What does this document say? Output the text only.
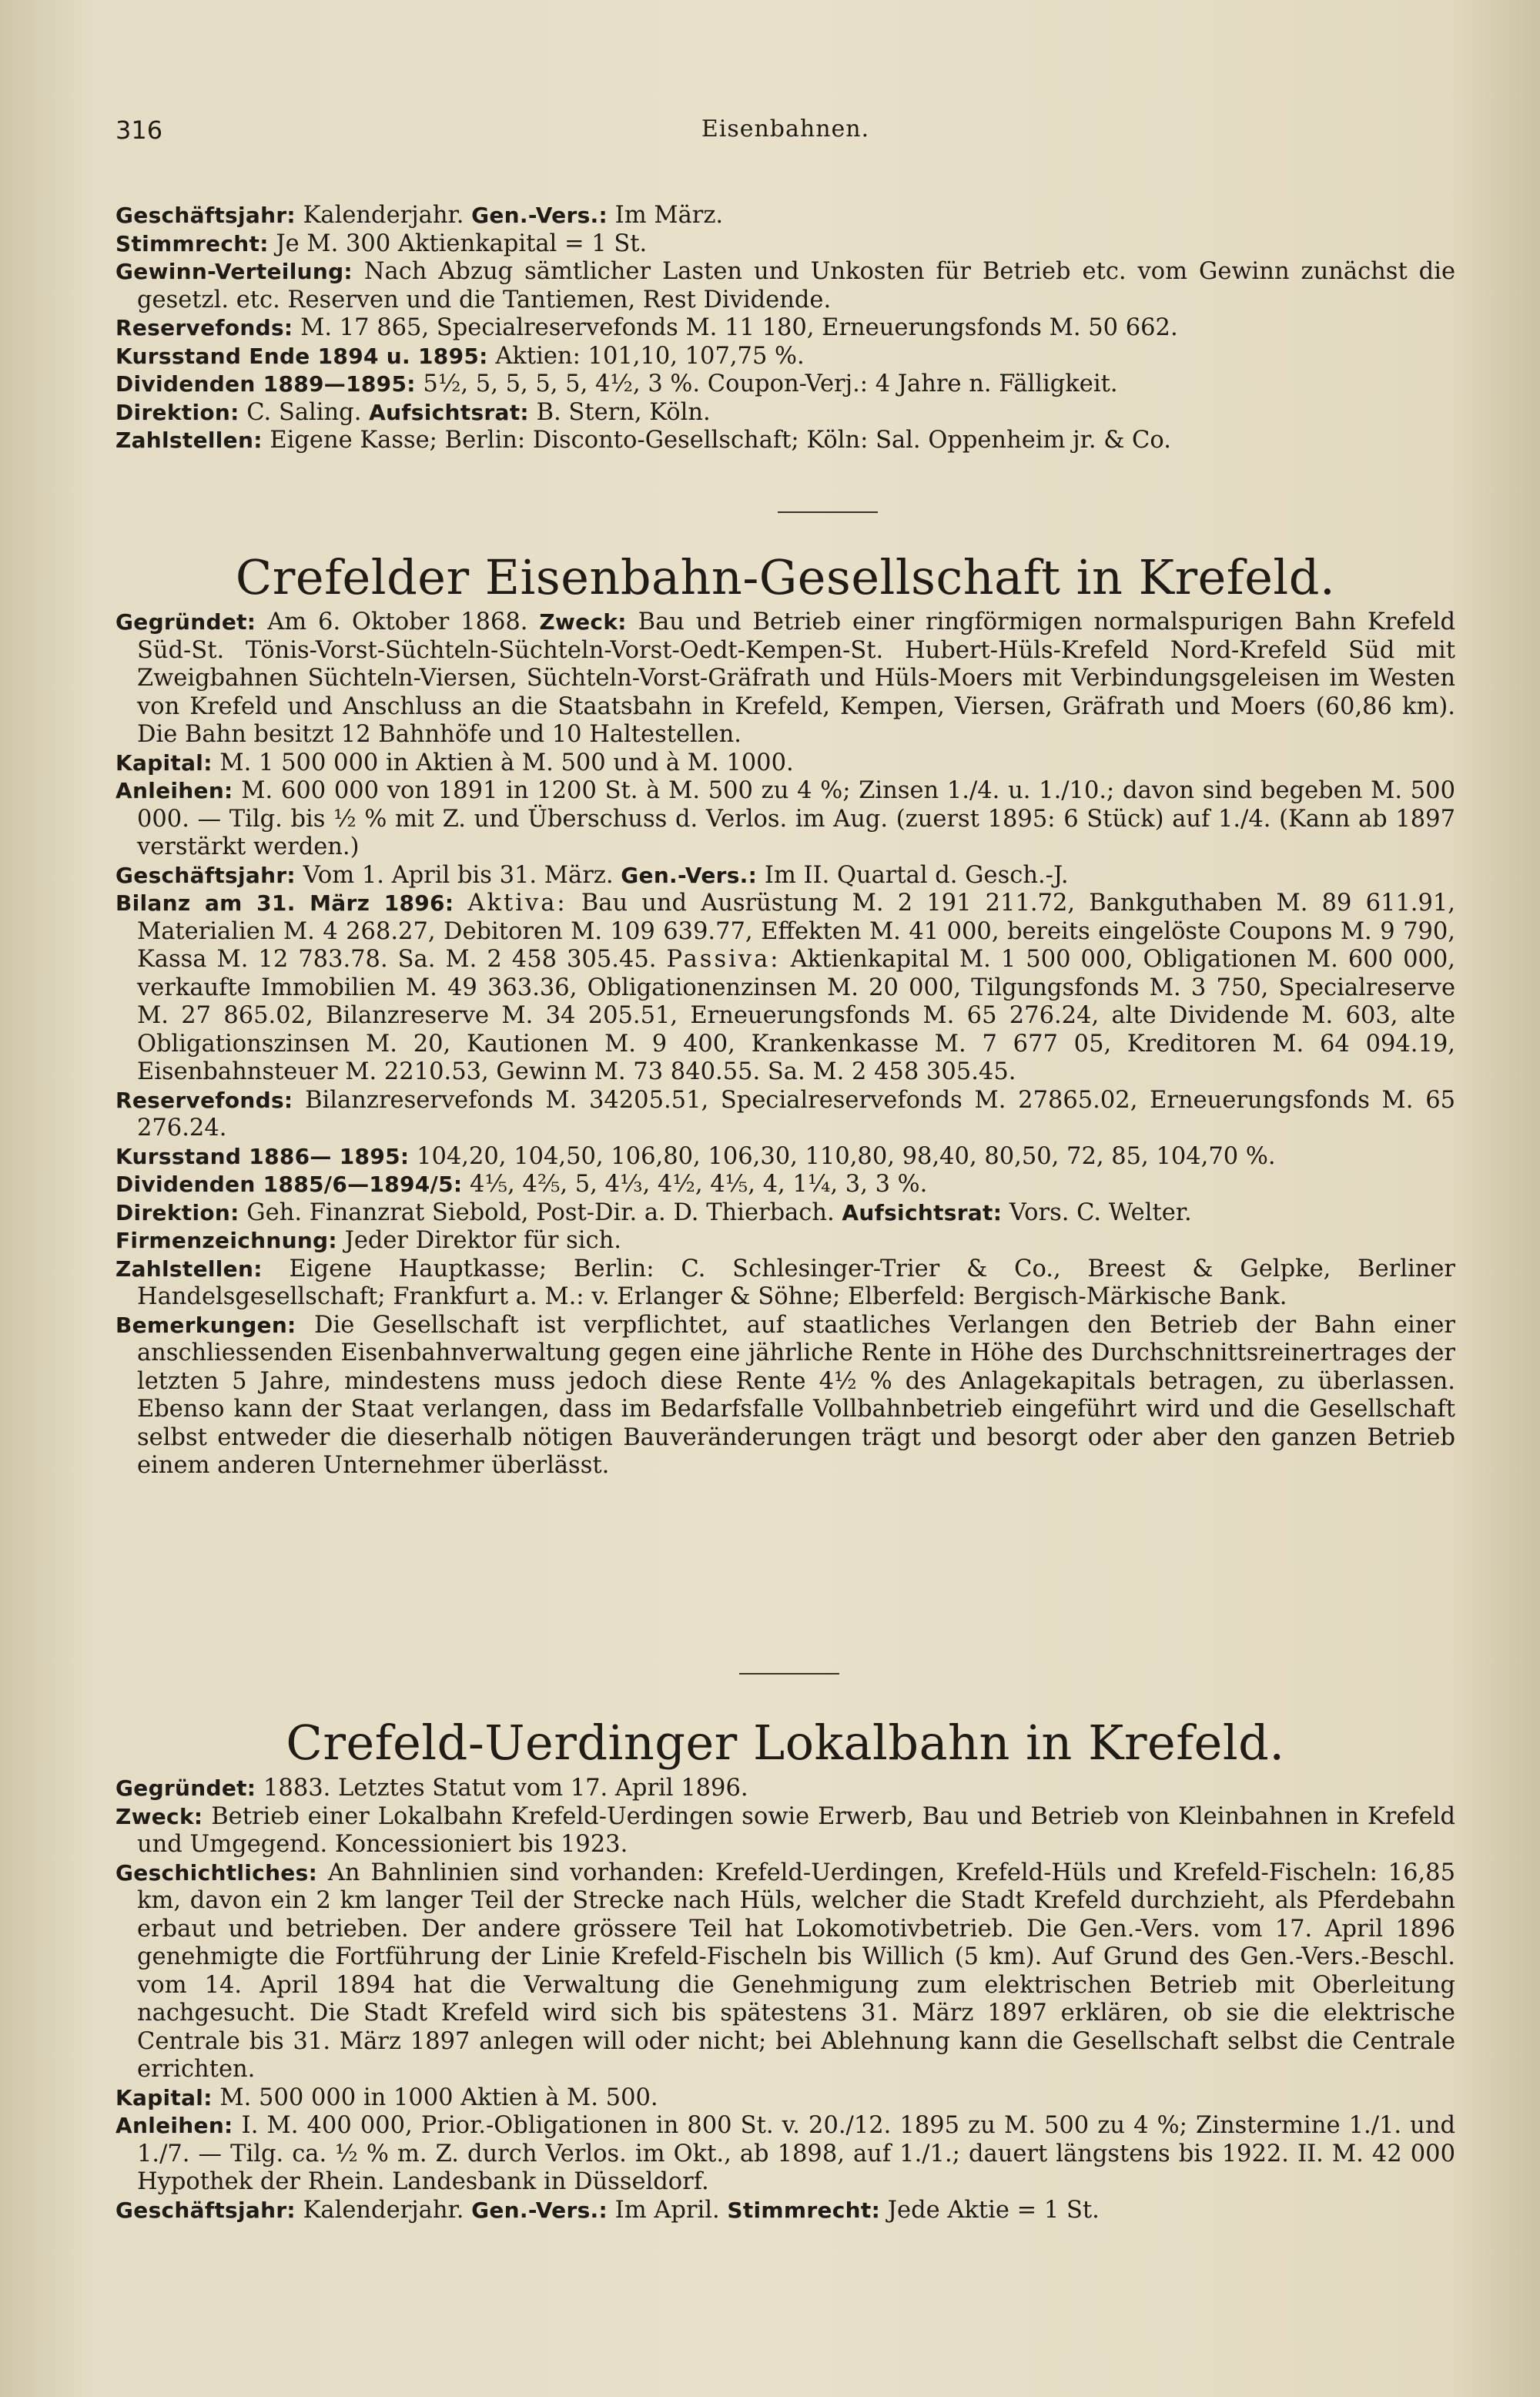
316	Eisenbahnen.

Geschäftsjahr: Kalenderjahr. Gen.-Vers.: Im März.

Stimmrecht: Je M. 300 Aktienkapital = 1 St.

Gewinn-Verteilung: Nach Abzug sämtlicher Lasten und Unkosten für Betrieb etc. vom Gewinn zunächst die gesetzl. etc. Reserven und die Tantiemen, Rest Dividende.

Reservefonds: M. 17 865, Specialreservefonds M. 11 180, Erneuerungsfonds M. 50 662.

Kursstand Ende 1894 u. 1895: Aktien: 101,10, 107,75 %.

Dividenden 1889—1895: 5½, 5, 5, 5, 5, 4½, 3 %. Coupon-Verj.: 4 Jahre n. Fälligkeit.

Direktion: C. Saling. Aufsichtsrat: B. Stern, Köln.

Zahlstellen: Eigene Kasse; Berlin: Disconto-Gesellschaft; Köln: Sal. Oppenheim jr. & Co.

Crefelder Eisenbahn-Gesellschaft in Krefeld.

Gegründet: Am 6. Oktober 1868. Zweck: Bau und Betrieb einer ringförmigen normalspurigen Bahn Krefeld Süd-St. Tönis-Vorst-Süchteln-Süchteln-Vorst-Oedt-Kempen-St. Hubert-Hüls-Krefeld Nord-Krefeld Süd mit Zweigbahnen Süchteln-Viersen, Süchteln-Vorst-Gräfrath und Hüls-Moers mit Verbindungsgeleisen im Westen von Krefeld und Anschluss an die Staatsbahn in Krefeld, Kempen, Viersen, Gräfrath und Moers (60,86 km). Die Bahn besitzt 12 Bahnhöfe und 10 Haltestellen.

Kapital: M. 1 500 000 in Aktien à M. 500 und à M. 1000.

Anleihen: M. 600 000 von 1891 in 1200 St. à M. 500 zu 4 %; Zinsen 1./4. u. 1./10.; davon sind begeben M. 500 000. — Tilg. bis ½ % mit Z. und Überschuss d. Verlos. im Aug. (zuerst 1895: 6 Stück) auf 1./4. (Kann ab 1897 verstärkt werden.)

Geschäftsjahr: Vom 1. April bis 31. März. Gen.-Vers.: Im II. Quartal d. Gesch.-J.

Bilanz am 31. März 1896: Aktiva: Bau und Ausrüstung M. 2 191 211.72, Bankguthaben M. 89 611.91, Materialien M. 4 268.27, Debitoren M. 109 639.77, Effekten M. 41 000, bereits eingelöste Coupons M. 9 790, Kassa M. 12 783.78. Sa. M. 2 458 305.45. Passiva: Aktienkapital M. 1 500 000, Obligationen M. 600 000, verkaufte Immobilien M. 49 363.36, Obligationenzinsen M. 20 000, Tilgungsfonds M. 3 750, Specialreserve M. 27 865.02, Bilanzreserve M. 34 205.51, Erneuerungsfonds M. 65 276.24, alte Dividende M. 603, alte Obligationszinsen M. 20, Kautionen M. 9 400, Krankenkasse M. 7 677 05, Kreditoren M. 64 094.19, Eisenbahnsteuer M. 2210.53, Gewinn M. 73 840.55. Sa. M. 2 458 305.45.

Reservefonds: Bilanzreservefonds M. 34205.51, Specialreservefonds M. 27865.02, Erneuerungsfonds M. 65 276.24.

Kursstand 1886— 1895: 104,20, 104,50, 106,80, 106,30, 110,80, 98,40, 80,50, 72, 85, 104,70 %.

Dividenden 1885/6—1894/5: 4⅕, 4⅖, 5, 4⅓, 4½, 4⅕, 4, 1¼, 3, 3 %.

Direktion: Geh. Finanzrat Siebold, Post-Dir. a. D. Thierbach. Aufsichtsrat: Vors. C. Welter.

Firmenzeichnung: Jeder Direktor für sich.

Zahlstellen: Eigene Hauptkasse; Berlin: C. Schlesinger-Trier & Co., Breest & Gelpke, Berliner Handelsgesellschaft; Frankfurt a. M.: v. Erlanger & Söhne; Elberfeld: Bergisch-Märkische Bank.

Bemerkungen: Die Gesellschaft ist verpflichtet, auf staatliches Verlangen den Betrieb der Bahn einer anschliessenden Eisenbahnverwaltung gegen eine jährliche Rente in Höhe des Durchschnittsreinertrages der letzten 5 Jahre, mindestens muss jedoch diese Rente 4½ % des Anlagekapitals betragen, zu überlassen. Ebenso kann der Staat verlangen, dass im Bedarfsfalle Vollbahnbetrieb eingeführt wird und die Gesellschaft selbst entweder die dieserhalb nötigen Bauveränderungen trägt und besorgt oder aber den ganzen Betrieb einem anderen Unternehmer überlässt.

Crefeld-Uerdinger Lokalbahn in Krefeld.

Gegründet: 1883. Letztes Statut vom 17. April 1896.

Zweck: Betrieb einer Lokalbahn Krefeld-Uerdingen sowie Erwerb, Bau und Betrieb von Kleinbahnen in Krefeld und Umgegend. Koncessioniert bis 1923.

Geschichtliches: An Bahnlinien sind vorhanden: Krefeld-Uerdingen, Krefeld-Hüls und Krefeld-Fischeln: 16,85 km, davon ein 2 km langer Teil der Strecke nach Hüls, welcher die Stadt Krefeld durchzieht, als Pferdebahn erbaut und betrieben. Der andere grössere Teil hat Lokomotivbetrieb. Die Gen.-Vers. vom 17. April 1896 genehmigte die Fortführung der Linie Krefeld-Fischeln bis Willich (5 km). Auf Grund des Gen.-Vers.-Beschl. vom 14. April 1894 hat die Verwaltung die Genehmigung zum elektrischen Betrieb mit Oberleitung nachgesucht. Die Stadt Krefeld wird sich bis spätestens 31. März 1897 erklären, ob sie die elektrische Centrale bis 31. März 1897 anlegen will oder nicht; bei Ablehnung kann die Gesellschaft selbst die Centrale errichten.

Kapital: M. 500 000 in 1000 Aktien à M. 500.

Anleihen: I. M. 400 000, Prior.-Obligationen in 800 St. v. 20./12. 1895 zu M. 500 zu 4 %; Zinstermine 1./1. und 1./7. — Tilg. ca. ½ % m. Z. durch Verlos. im Okt., ab 1898, auf 1./1.; dauert längstens bis 1922. II. M. 42 000 Hypothek der Rhein. Landesbank in Düsseldorf.

Geschäftsjahr: Kalenderjahr. Gen.-Vers.: Im April. Stimmrecht: Jede Aktie = 1 St.
